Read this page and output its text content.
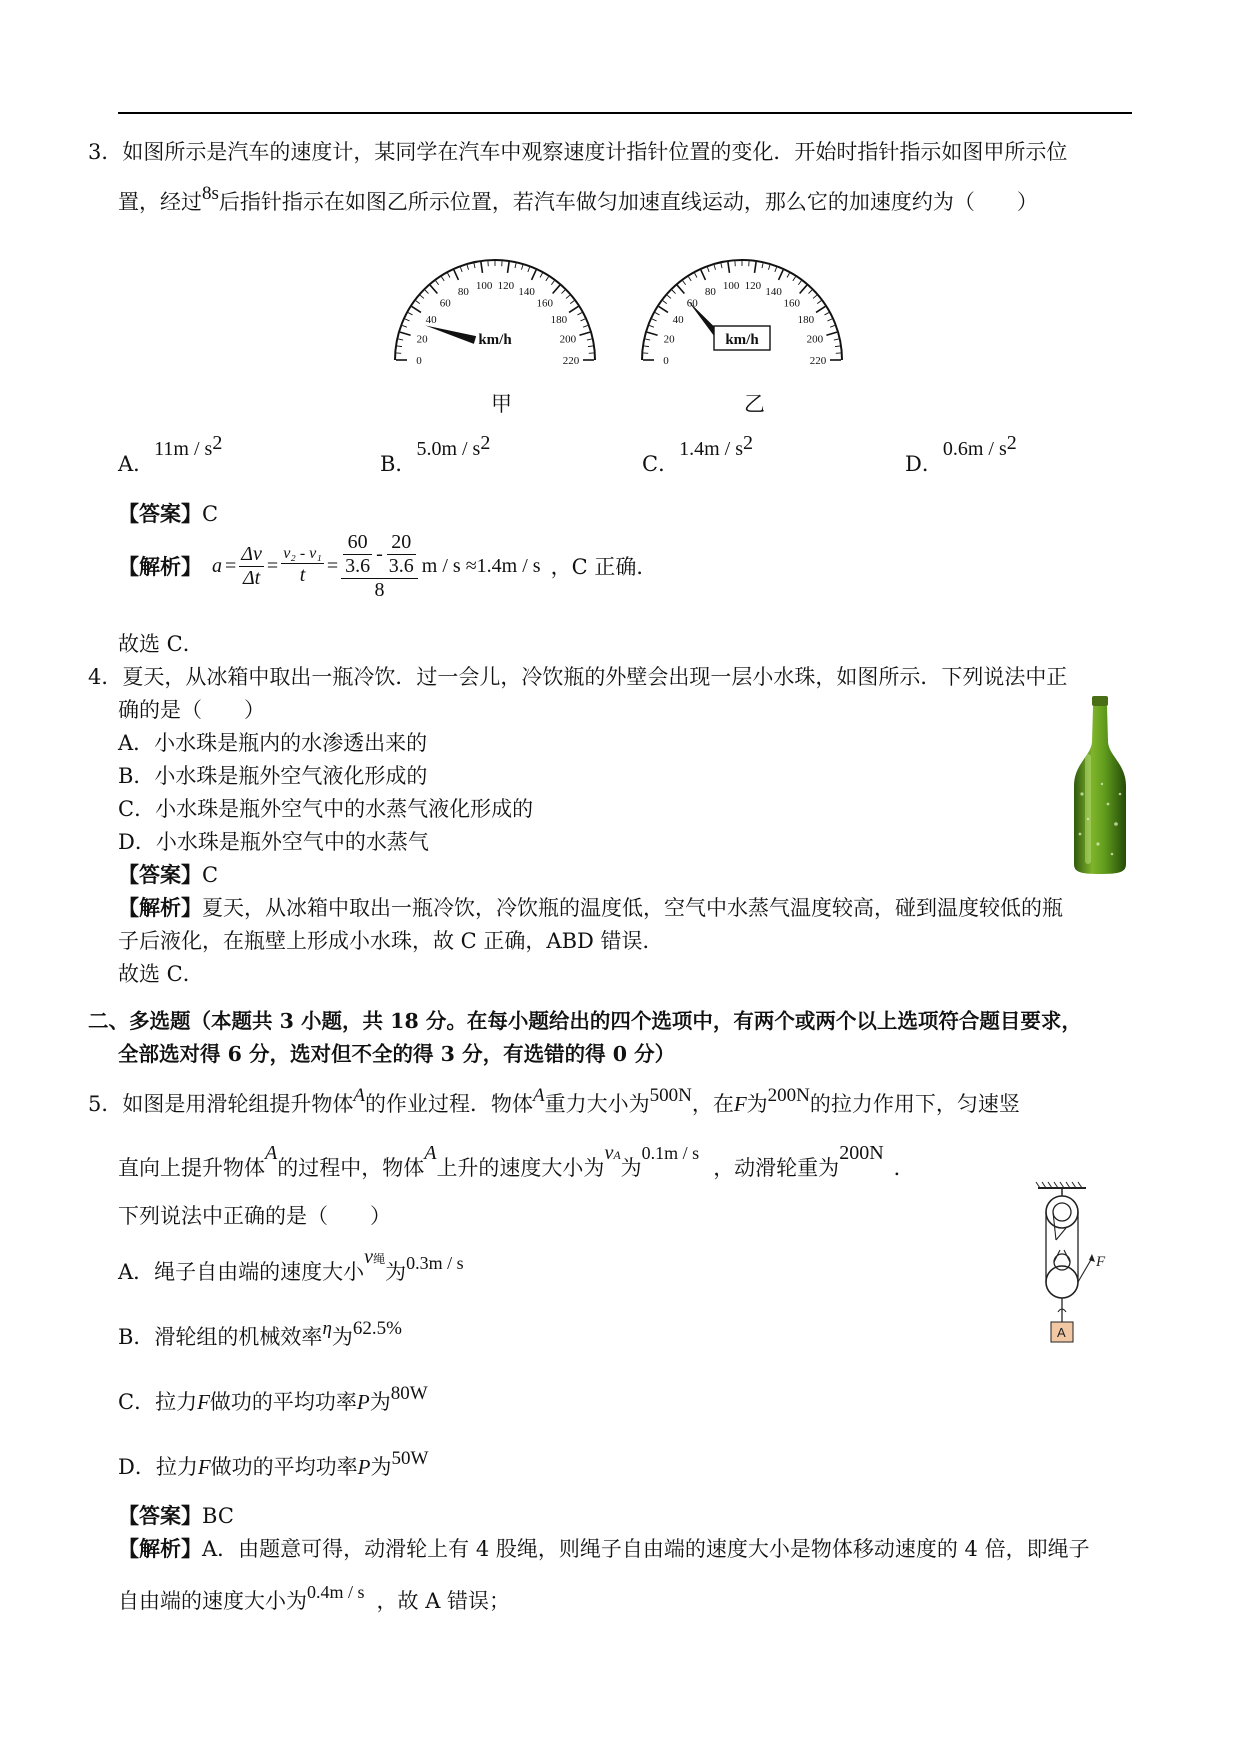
3．如图所示是汽车的速度计，某同学在汽车中观察速度计指针位置的变化．开始时指针指示如图甲所示位
置，经过8s后指针指示在如图乙所示位置，若汽车做匀加速直线运动，那么它的加速度约为（　　）
0
20
40
60
80
100 120
140
160
180
200
220
km/h
0
20
40
60
80
100 120
140
160
180
200
220
km/h
甲	乙
A．11m / s2
B．5.0m / s2
C．1.4m / s2
D．0.6m / s2
【答案】C
【解析】 $a = \frac{\Delta v}{\Delta t} = \frac{\text{v₂ - v₁}}{t} = \frac{\frac{60}{3.6} - \frac{20}{3.6}}{8}$ m / s ≈1.4m / s ，C 正确．
故选 C．
4．夏天，从冰箱中取出一瓶冷饮．过一会儿，冷饮瓶的外壁会出现一层小水珠，如图所示．下列说法中正
确的是（　　）
A．小水珠是瓶内的水渗透出来的
B．小水珠是瓶外空气液化形成的
C．小水珠是瓶外空气中的水蒸气液化形成的
D．小水珠是瓶外空气中的水蒸气
【答案】C
【解析】夏天，从冰箱中取出一瓶冷饮，冷饮瓶的温度低，空气中水蒸气温度较高，碰到温度较低的瓶
子后液化，在瓶壁上形成小水珠，故 C 正确，ABD 错误．
故选 C．
二、多选题（本题共 3 小题，共 18 分。在每小题给出的四个选项中，有两个或两个以上选项符合题目要求，
全部选对得 6 分，选对但不全的得 3 分，有选错的得 0 分）
5．如图是用滑轮组提升物体A的作业过程．物体A重力大小为500N，在F为200N的拉力作用下，匀速竖
直向上提升物体A的过程中，物体A上升的速度大小为$v^A$为0.1m / s，动滑轮重为200N．
下列说法中正确的是（　　）
A．绳子自由端的速度大小$v^绳$为0.3m / s
B．滑轮组的机械效率η为62.5%
C．拉力F做功的平均功率P为80W
D．拉力F做功的平均功率P为50W
【答案】BC
【解析】A．由题意可得，动滑轮上有 4 股绳，则绳子自由端的速度大小是物体移动速度的 4 倍，即绳子
自由端的速度大小为0.4m / s ，故 A 错误；
F
A
